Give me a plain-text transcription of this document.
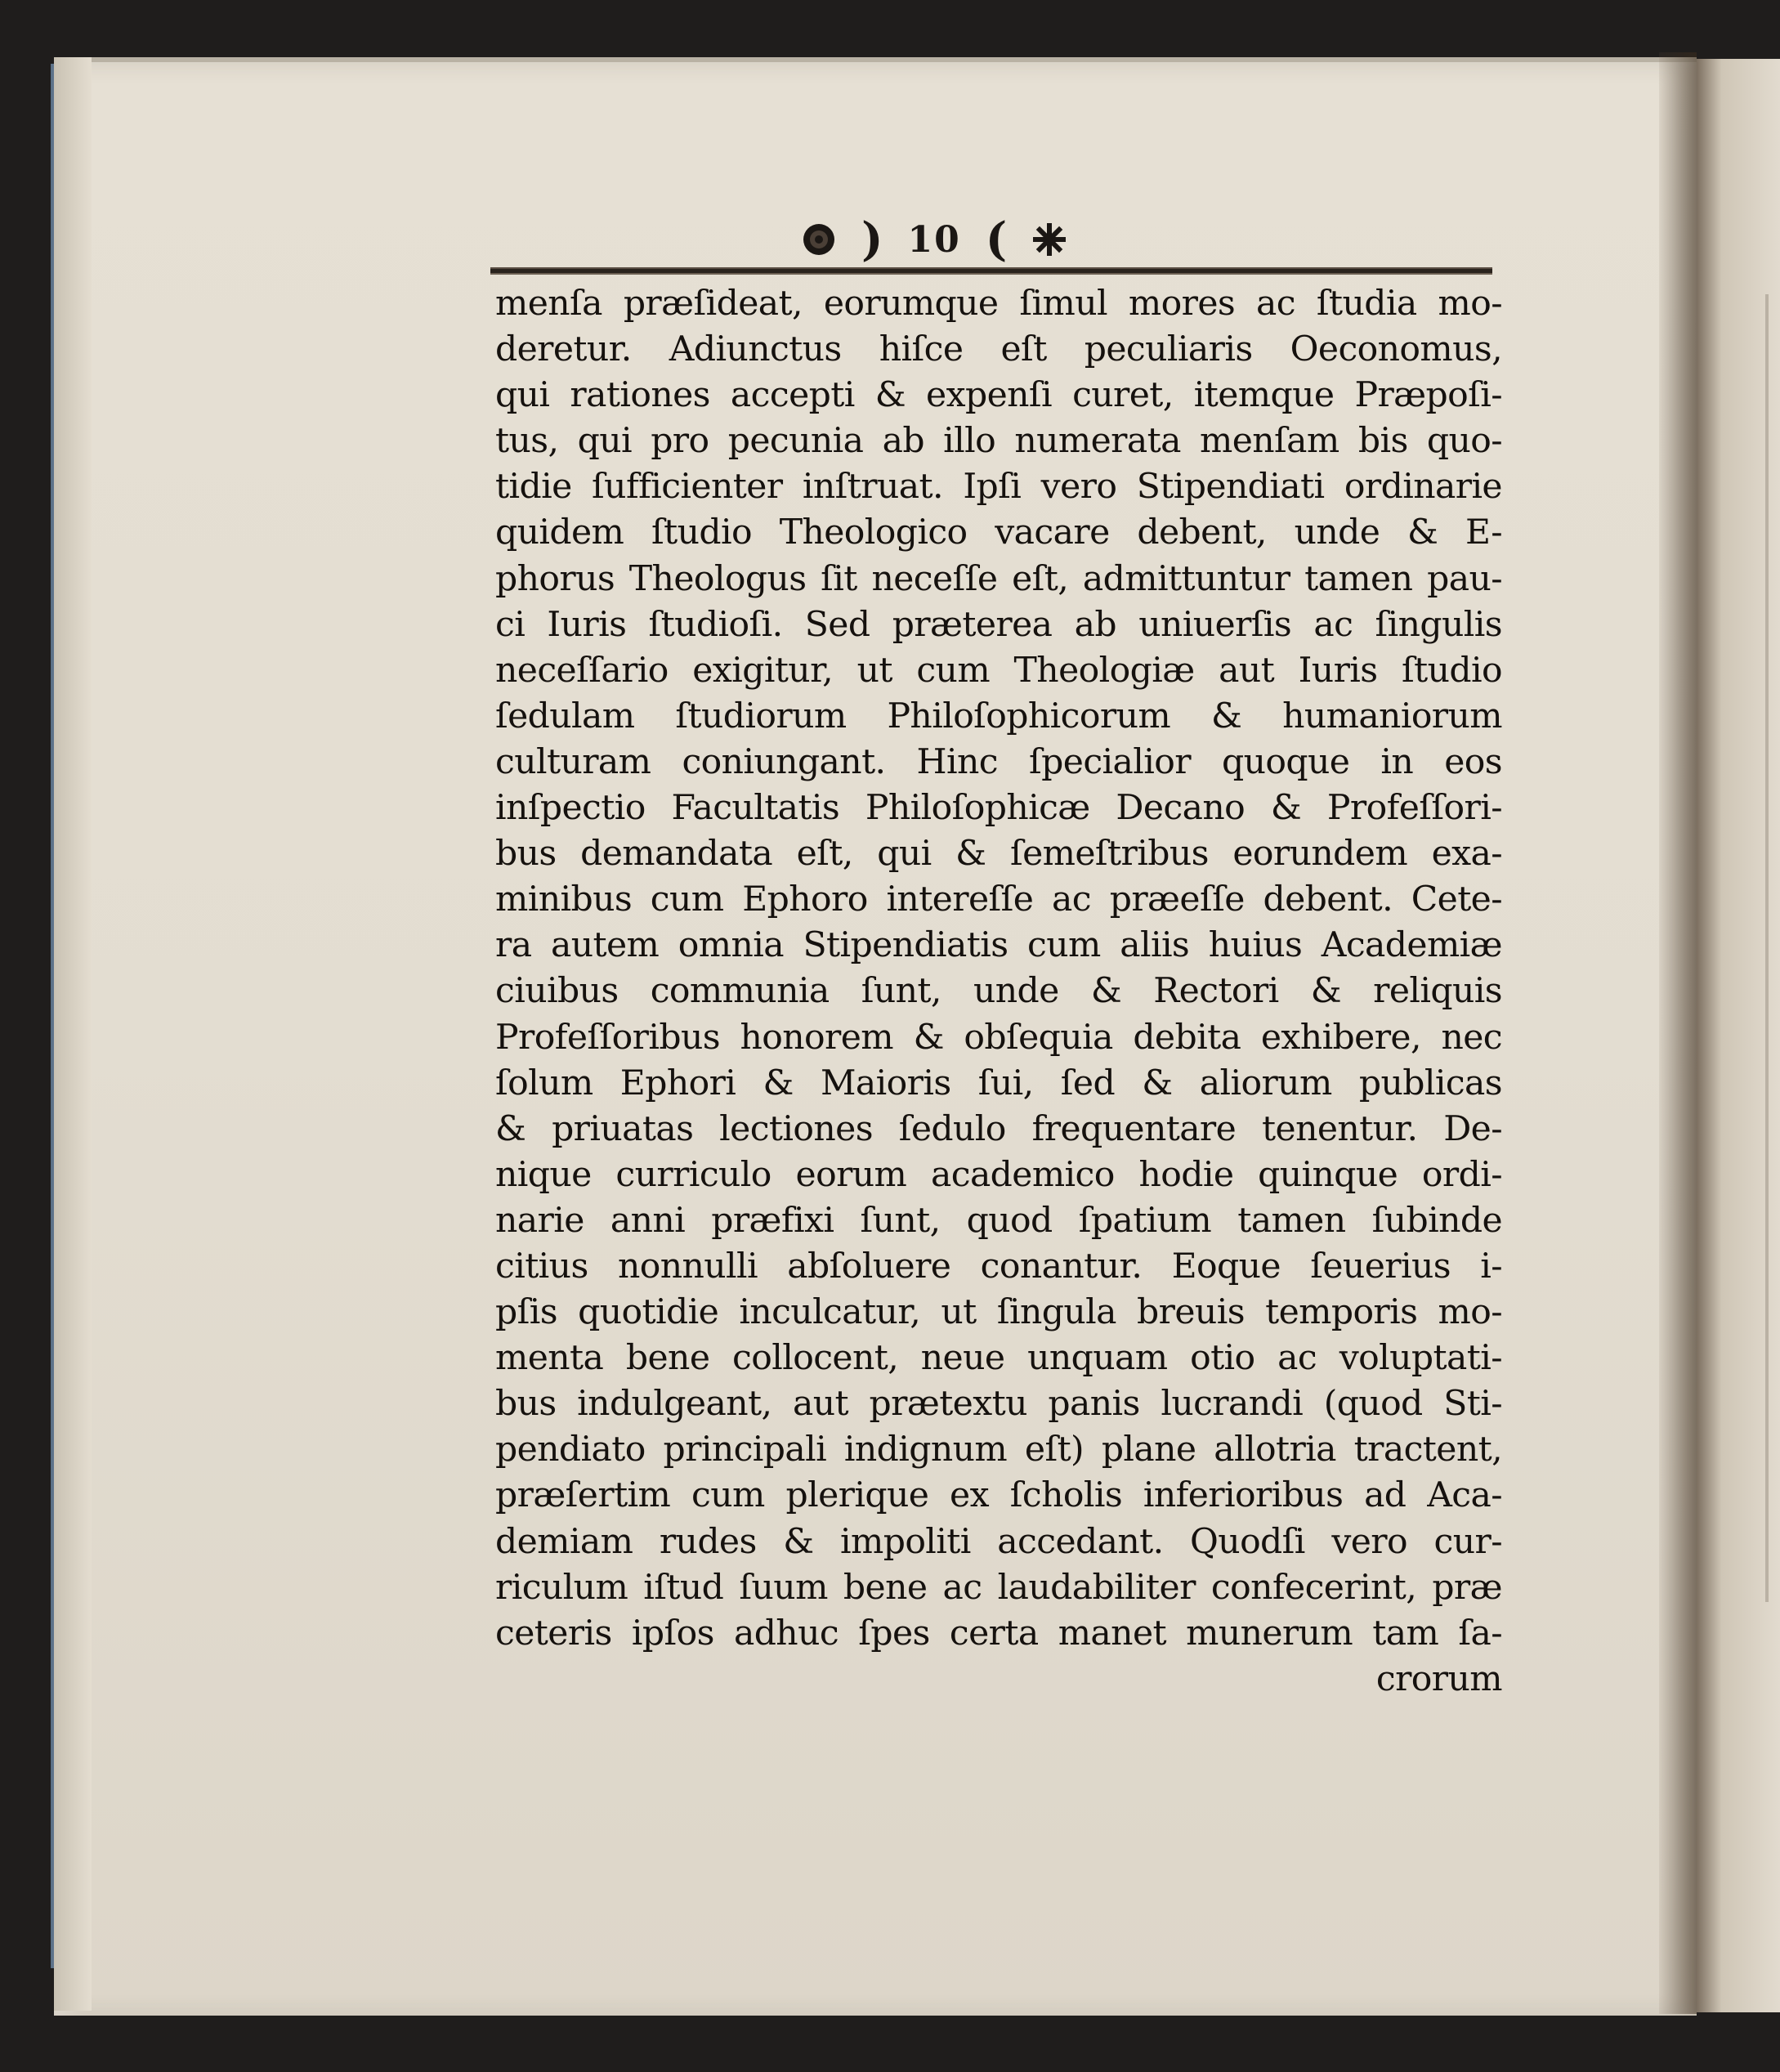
) 10 (
menſa præſideat, eorumque ſimul mores ac ſtudia mo-
deretur. Adiunctus hiſce eſt peculiaris Oeconomus,
qui rationes accepti & expenſi curet, itemque Præpoſi-
tus, qui pro pecunia ab illo numerata menſam bis quo-
tidie ſufficienter inſtruat. Ipſi vero Stipendiati ordinarie
quidem ſtudio Theologico vacare debent, unde & E-
phorus Theologus ſit neceſſe eſt, admittuntur tamen pau-
ci Iuris ſtudioſi. Sed præterea ab uniuerſis ac ſingulis
neceſſario exigitur, ut cum Theologiæ aut Iuris ſtudio
ſedulam ſtudiorum Philoſophicorum & humaniorum
culturam coniungant. Hinc ſpecialior quoque in eos
inſpectio Facultatis Philoſophicæ Decano & Profeſſori-
bus demandata eſt, qui & ſemeſtribus eorundem exa-
minibus cum Ephoro intereſſe ac præeſſe debent. Cete-
ra autem omnia Stipendiatis cum aliis huius Academiæ
ciuibus communia ſunt, unde & Rectori & reliquis
Profeſſoribus honorem & obſequia debita exhibere, nec
ſolum Ephori & Maioris ſui, ſed & aliorum publicas
& priuatas lectiones ſedulo frequentare tenentur. De-
nique curriculo eorum academico hodie quinque ordi-
narie anni præfixi ſunt, quod ſpatium tamen ſubinde
citius nonnulli abſoluere conantur. Eoque ſeuerius i-
pſis quotidie inculcatur, ut ſingula breuis temporis mo-
menta bene collocent, neue unquam otio ac voluptati-
bus indulgeant, aut prætextu panis lucrandi (quod Sti-
pendiato principali indignum eſt) plane allotria tractent,
præſertim cum plerique ex ſcholis inferioribus ad Aca-
demiam rudes & impoliti accedant. Quodſi vero cur-
riculum iſtud ſuum bene ac laudabiliter confecerint, præ
ceteris ipſos adhuc ſpes certa manet munerum tam ſa-
crorum
